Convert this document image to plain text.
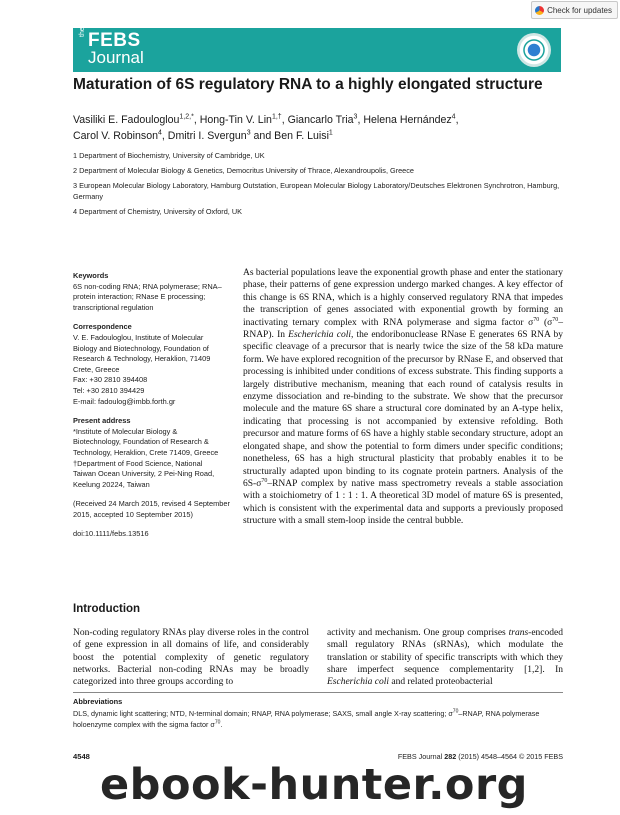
Check for updates
the FEBS
Journal
Maturation of 6S regulatory RNA to a highly elongated structure

Vasiliki E. Fadouloglou$^{1,2,*}$, Hong-Tin V. Lin$^{1,\dagger}$, Giancarlo Tria$^3$, Helena Hernández$^4$,
Carol V. Robinson$^4$, Dmitri I. Svergun$^3$ and Ben F. Luisi$^1$

1 Department of Biochemistry, University of Cambridge, UK
2 Department of Molecular Biology & Genetics, Democritus University of Thrace, Alexandroupolis, Greece
3 European Molecular Biology Laboratory, Hamburg Outstation, European Molecular Biology Laboratory/Deutsches Elektronen Synchrotron, Hamburg, Germany
4 Department of Chemistry, University of Oxford, UK
Keywords
6S non-coding RNA; RNA polymerase; RNA–protein interaction; RNase E processing; transcriptional regulation
Correspondence
V. E. Fadouloglou, Institute of Molecular
Biology and Biotechnology, Foundation of
Research & Technology, Heraklion, 71409
Crete, Greece
Fax: +30 2810 394408
Tel: +30 2810 394429
E-mail: fadoulog@imbb.forth.gr
Present address
*Institute of Molecular Biology &
Biotechnology, Foundation of Research &
Technology, Heraklion, Crete 71409, Greece
†Department of Food Science, National
Taiwan Ocean University, 2 Pei-Ning Road,
Keelung 20224, Taiwan
(Received 24 March 2015, revised 4 September 2015, accepted 10 September 2015)
doi:10.1111/febs.13516

As bacterial populations leave the exponential growth phase and enter the stationary phase, their patterns of gene expression undergo marked changes. A key effector of this change is 6S RNA, which is a highly conserved regulatory RNA that impedes the transcription of genes associated with exponential growth by forming an inactivating ternary complex with RNA polymerase and sigma factor $\sigma^{70}$ $(\sigma^{70}-RNAP)$. In Escherichia coli, the endoribonuclease RNase E generates 6S RNA by specific cleavage of a precursor that is nearly twice the size of the 58 kDa mature form. We have explored recognition of the precursor by RNase E, and observed that processing is inhibited under conditions of excess substrate. This finding supports a largely distributive mechanism, meaning that each round of catalysis results in enzyme dissociation and re-binding to the substrate. We show that the precursor molecule and the mature 6S share a structural core dominated by an A-type helix, indicating that processing is not accompanied by extensive refolding. Both precursor and mature forms of 6S have a highly stable secondary structure, adopt an elongated shape, and show the potential to form dimers under specific conditions; nonetheless, 6S has a high structural plasticity that probably enables it to be structurally adapted upon binding to its cognate protein partners. Analysis of the $6S-\sigma^{70}$–RNAP complex by native mass spectrometry reveals a stable association with a stoichiometry of 1 : 1 : 1. A theoretical 3D model of mature 6S is presented, which is consistent with the experimental data and supports a previously proposed structure with a small stem-loop inside the central bubble.

Introduction

Non-coding regulatory RNAs play diverse roles in the control of gene expression in all domains of life, and considerably boost the potential complexity of genetic regulatory networks. Bacterial non-coding RNAs may be broadly categorized into three groups according to

activity and mechanism. One group comprises trans-encoded small regulatory RNAs (sRNAs), which modulate the translation or stability of specific transcripts with which they share imperfect sequence complementarity [1,2]. In Escherichia coli and related proteobacterial

Abbreviations
DLS, dynamic light scattering; NTD, N-terminal domain; RNAP, RNA polymerase; SAXS, small angle X-ray scattering; $\sigma^{70}$–RNAP, RNA polymerase holoenzyme complex with the sigma factor $\sigma^{70}$.
4548	FEBS Journal 282 (2015) 4548–4564 © 2015 FEBS
ebook-hunter.org
